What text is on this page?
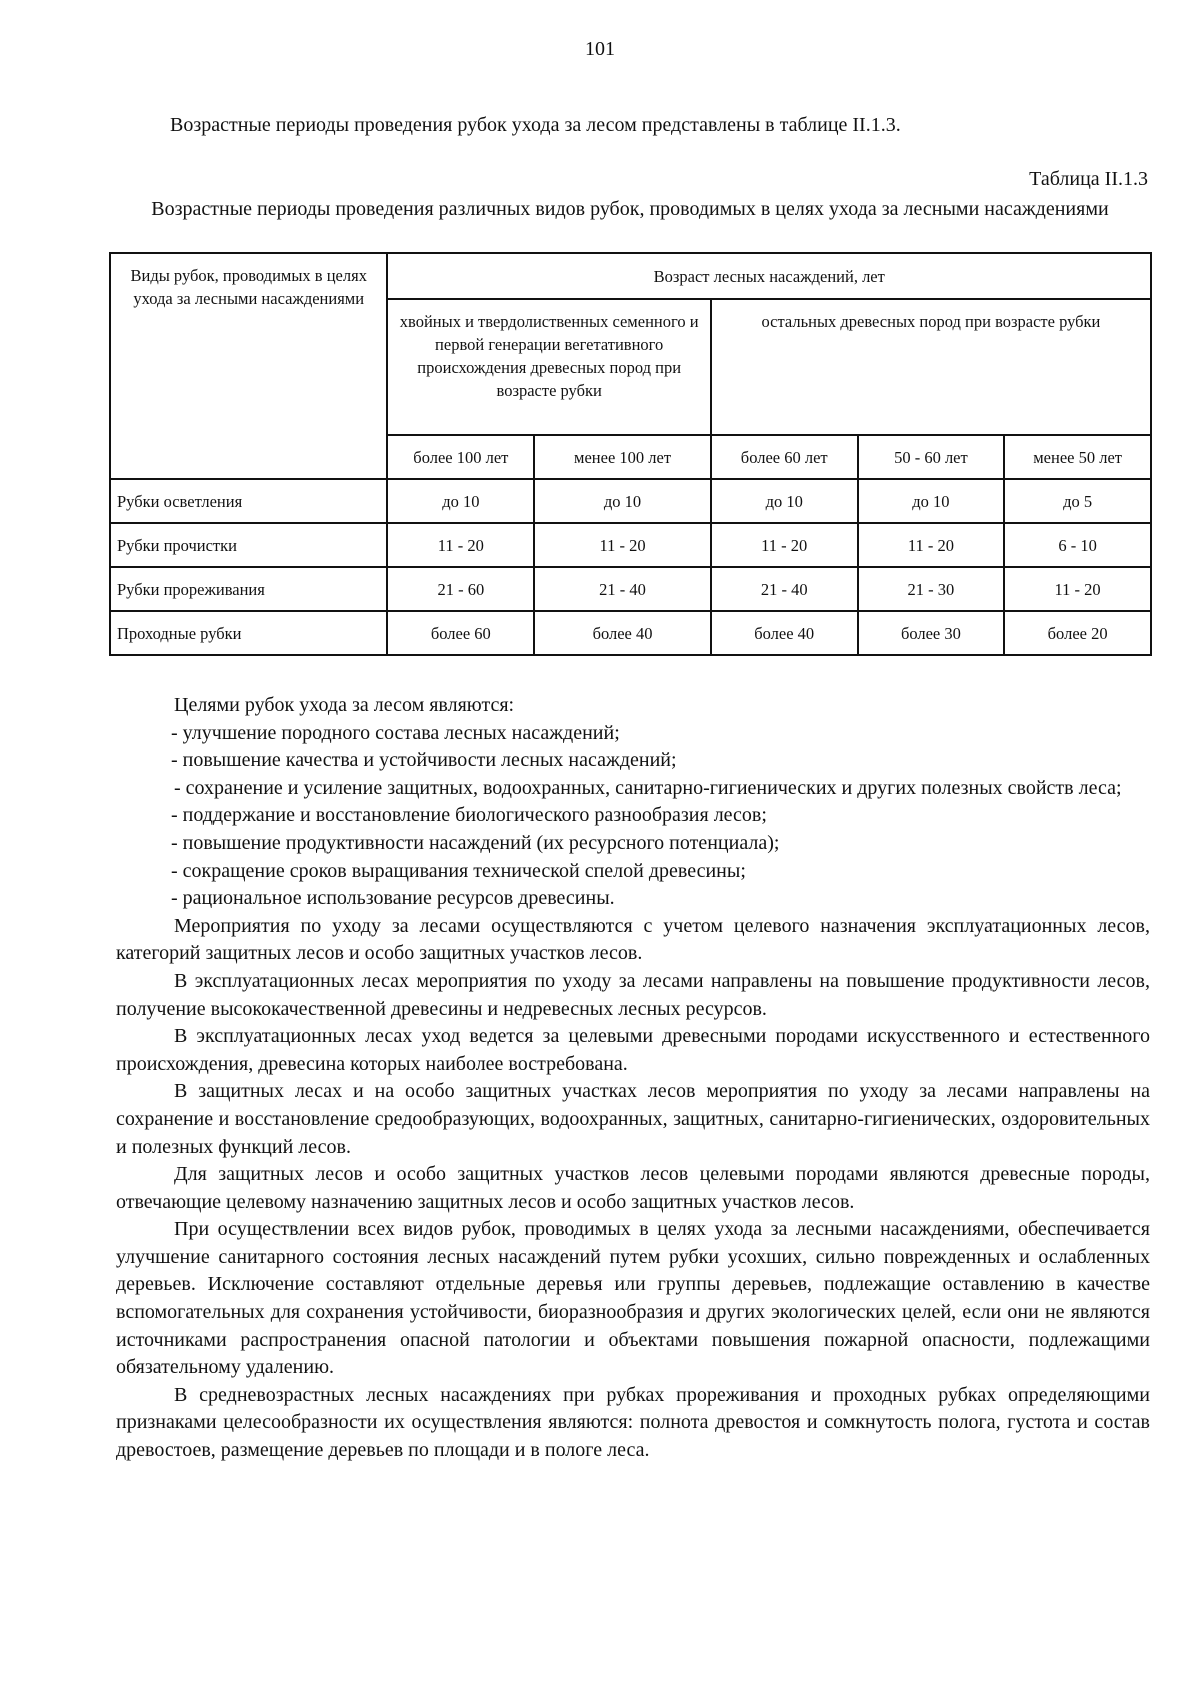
101
Возрастные периоды проведения рубок ухода за лесом представлены в таблице II.1.3.
Таблица II.1.3
Возрастные периоды проведения различных видов рубок, проводимых в целях ухода за лесными насаждениями
Виды рубок, проводимых в целях ухода за лесными насаждениями	Возраст лесных насаждений, лет				
	хвойных и твердолиственных семенного и первой генерации вегетативного происхождения древесных пород при возрасте рубки		остальных древесных пород при возрасте рубки		
	более 100 лет	менее 100 лет	более 60 лет	50 - 60 лет	менее 50 лет
Рубки осветления	до 10	до 10	до 10	до 10	до 5
Рубки прочистки	11 - 20	11 - 20	11 - 20	11 - 20	6 - 10
Рубки прореживания	21 - 60	21 - 40	21 - 40	21 - 30	11 - 20
Проходные рубки	более 60	более 40	более 40	более 30	более 20

Целями рубок ухода за лесом являются:

- улучшение породного состава лесных насаждений;

- повышение качества и устойчивости лесных насаждений;

- сохранение и усиление защитных, водоохранных, санитарно-гигиенических и других полезных свойств леса;

- поддержание и восстановление биологического разнообразия лесов;

- повышение продуктивности насаждений (их ресурсного потенциала);

- сокращение сроков выращивания технической спелой древесины;

- рациональное использование ресурсов древесины.

Мероприятия по уходу за лесами осуществляются с учетом целевого назначения эксплуатационных лесов, категорий защитных лесов и особо защитных участков лесов.

В эксплуатационных лесах мероприятия по уходу за лесами направлены на повышение продуктивности лесов, получение высококачественной древесины и недревесных лесных ресурсов.

В эксплуатационных лесах уход ведется за целевыми древесными породами искусственного и естественного происхождения, древесина которых наиболее востребована.

В защитных лесах и на особо защитных участках лесов мероприятия по уходу за лесами направлены на сохранение и восстановление средообразующих, водоохранных, защитных, санитарно-гигиенических, оздоровительных и полезных функций лесов.

Для защитных лесов и особо защитных участков лесов целевыми породами являются древесные породы, отвечающие целевому назначению защитных лесов и особо защитных участков лесов.

При осуществлении всех видов рубок, проводимых в целях ухода за лесными насаждениями, обеспечивается улучшение санитарного состояния лесных насаждений путем рубки усохших, сильно поврежденных и ослабленных деревьев. Исключение составляют отдельные деревья или группы деревьев, подлежащие оставлению в качестве вспомогательных для сохранения устойчивости, биоразнообразия и других экологических целей, если они не являются источниками распространения опасной патологии и объектами повышения пожарной опасности, подлежащими обязательному удалению.

В средневозрастных лесных насаждениях при рубках прореживания и проходных рубках определяющими признаками целесообразности их осуществления являются: полнота древостоя и сомкнутость полога, густота и состав древостоев, размещение деревьев по площади и в пологе леса.
